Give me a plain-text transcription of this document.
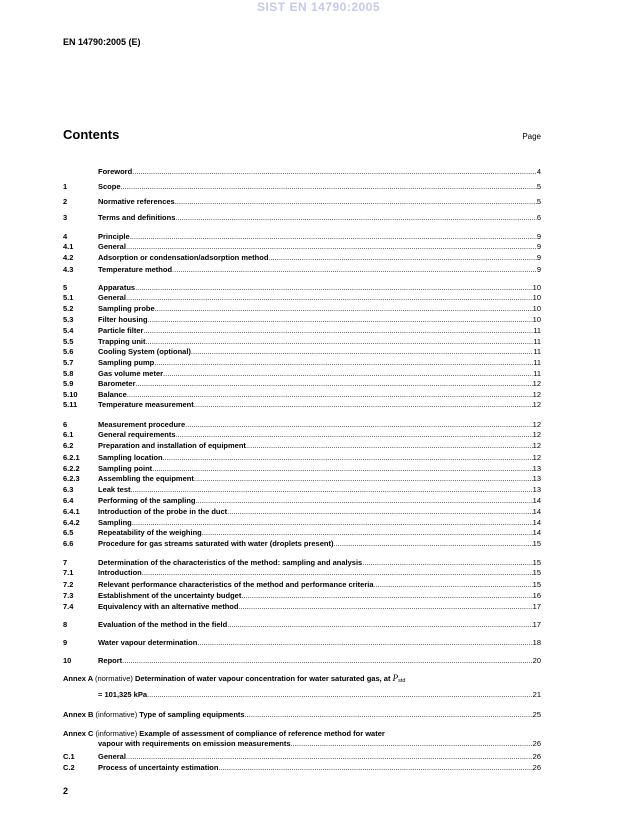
SIST EN 14790:2005
EN 14790:2005 (E)
Contents	Page
Foreword .....	4
1	Scope .....	5
2	Normative references .....	5
3	Terms and definitions .....	6
4	Principle .....	9
4.1	General .....	9
4.2	Adsorption or condensation/adsorption method .....	9
4.3	Temperature method .....	9
5	Apparatus .....	10
5.1	General .....	10
5.2	Sampling probe .....	10
5.3	Filter housing .....	10
5.4	Particle filter .....	11
5.5	Trapping unit .....	11
5.6	Cooling System (optional) .....	11
5.7	Sampling pump .....	11
5.8	Gas volume meter .....	11
5.9	Barometer .....	12
5.10	Balance .....	12
5.11	Temperature measurement .....	12
6	Measurement procedure .....	12
6.1	General requirements .....	12
6.2	Preparation and installation of equipment .....	12
6.2.1	Sampling location .....	12
6.2.2	Sampling point .....	13
6.2.3	Assembling the equipment .....	13
6.3	Leak test .....	13
6.4	Performing of the sampling .....	14
6.4.1	Introduction of the probe in the duct .....	14
6.4.2	Sampling .....	14
6.5	Repeatability of the weighing .....	14
6.6	Procedure for gas streams saturated with water (droplets present) .....	15
7	Determination of the characteristics of the method: sampling and analysis .....	15
7.1	Introduction .....	15
7.2	Relevant performance characteristics of the method and performance criteria .....	15
7.3	Establishment of the uncertainty budget .....	16
7.4	Equivalency with an alternative method .....	17
8	Evaluation of the method in the field .....	17
9	Water vapour determination .....	18
10	Report .....	20
Annex A (normative) Determination of water vapour concentration for water saturated gas, at $P_{std}$
= 101,325 kPa .....	21
Annex B (informative) Type of sampling equipments .....	25
Annex C (informative) Example of assessment of compliance of reference method for water
vapour with requirements on emission measurements .....	26
C.1	General .....	26
C.2	Process of uncertainty estimation .....	26
2
